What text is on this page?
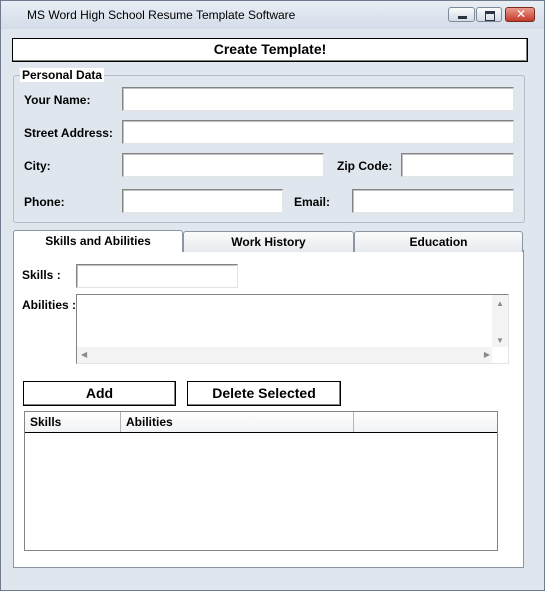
MS Word High School Resume Template Software	✕
Create Template!
Personal Data
Your Name:
Street Address:
City:	Zip Code:
Phone:	Email:
Skills and Abilities	Work History	Education
Skills :
Abilities :	▲
▼
◀	▶
Add	Delete Selected
Skills	Abilities
